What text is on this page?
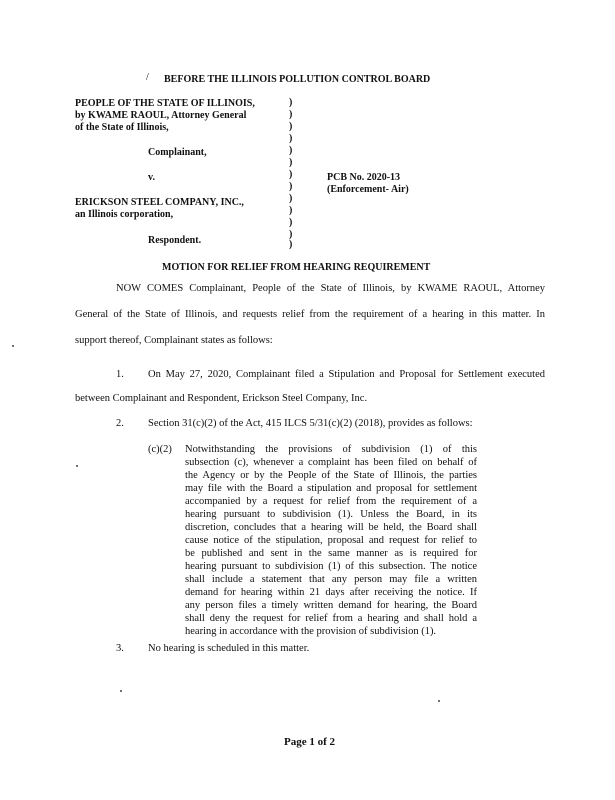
/ BEFORE THE ILLINOIS POLLUTION CONTROL BOARD
PEOPLE OF THE STATE OF ILLINOIS,
by KWAME RAOUL, Attorney General
of the State of Illinois,
Complainant,
v.
ERICKSON STEEL COMPANY, INC.,
an Illinois corporation,
Respondent.
)
)
)
)
)
)
)
)
)
)
)
)
)
PCB No. 2020-13
(Enforcement- Air)
MOTION FOR RELIEF FROM HEARING REQUIREMENT
NOW COMES Complainant, People of the State of Illinois, by KWAME RAOUL, Attorney
General of the State of Illinois, and requests relief from the requirement of a hearing in this matter. In
support thereof, Complainant states as follows:
1. On May 27, 2020, Complainant filed a Stipulation and Proposal for Settlement executed
between Complainant and Respondent, Erickson Steel Company, Inc.
2. Section 31(c)(2) of the Act, 415 ILCS 5/31(c)(2) (2018), provides as follows:
(c)(2) Notwithstanding the provisions of subdivision (1) of this
subsection (c), whenever a complaint has been filed on behalf of
the Agency or by the People of the State of Illinois, the parties
may file with the Board a stipulation and proposal for settlement
accompanied by a request for relief from the requirement of a
hearing pursuant to subdivision (1). Unless the Board, in its
discretion, concludes that a hearing will be held, the Board shall
cause notice of the stipulation, proposal and request for relief to
be published and sent in the same manner as is required for
hearing pursuant to subdivision (1) of this subsection. The notice
shall include a statement that any person may file a written
demand for hearing within 21 days after receiving the notice. If
any person files a timely written demand for hearing, the Board
shall deny the request for relief from a hearing and shall hold a
hearing in accordance with the provision of subdivision (1).
3. No hearing is scheduled in this matter.
Page 1 of 2
